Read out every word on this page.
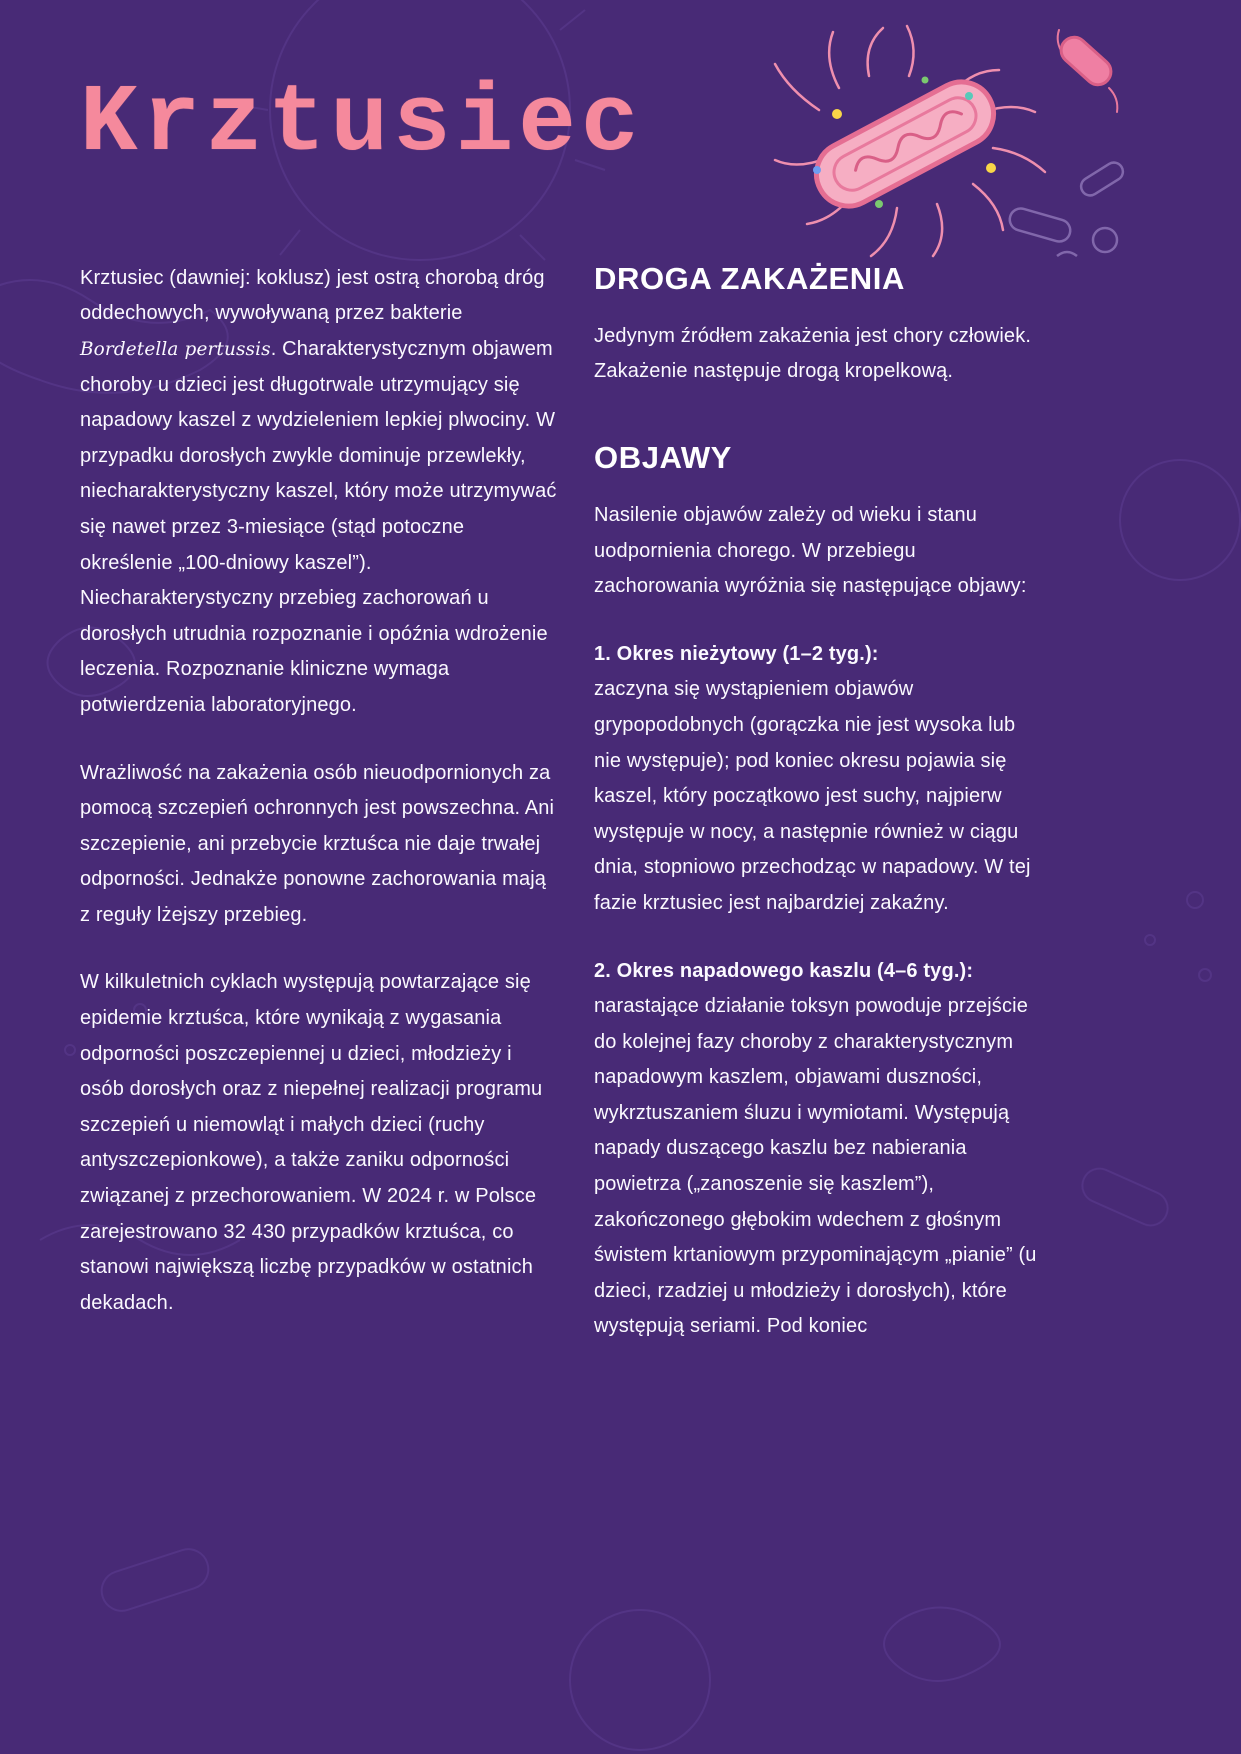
Krztusiec

Krztusiec (dawniej: koklusz) jest ostrą chorobą dróg oddechowych, wywoływaną przez bakterie Bordetella pertussis. Charakterystycznym objawem choroby u dzieci jest długotrwale utrzymujący się napadowy kaszel z wydzieleniem lepkiej plwociny. W przypadku dorosłych zwykle dominuje przewlekły, niecharakterystyczny kaszel, który może utrzymywać się nawet przez 3-miesiące (stąd potoczne określenie „100-dniowy kaszel”). Niecharakterystyczny przebieg zachorowań u dorosłych utrudnia rozpoznanie i opóźnia wdrożenie leczenia. Rozpoznanie kliniczne wymaga potwierdzenia laboratoryjnego.

Wrażliwość na zakażenia osób nieuodpornionych za pomocą szczepień ochronnych jest powszechna. Ani szczepienie, ani przebycie krztuśca nie daje trwałej odporności. Jednakże ponowne zachorowania mają z reguły lżejszy przebieg.

W kilkuletnich cyklach występują powtarzające się epidemie krztuśca, które wynikają z wygasania odporności poszczepiennej u dzieci, młodzieży i osób dorosłych oraz z niepełnej realizacji programu szczepień u niemowląt i małych dzieci (ruchy antyszczepionkowe), a także zaniku odporności związanej z przechorowaniem. W 2024 r. w Polsce zarejestrowano 32 430 przypadków krztuśca, co stanowi największą liczbę przypadków w ostatnich dekadach.

DROGA ZAKAŻENIA

Jedynym źródłem zakażenia jest chory człowiek. Zakażenie następuje drogą kropelkową.

OBJAWY

Nasilenie objawów zależy od wieku i stanu uodpornienia chorego. W przebiegu zachorowania wyróżnia się następujące objawy:

1. Okres nieżytowy (1–2 tyg.):
zaczyna się wystąpieniem objawów grypopodobnych (gorączka nie jest wysoka lub nie występuje); pod koniec okresu pojawia się kaszel, który początkowo jest suchy, najpierw występuje w nocy, a następnie również w ciągu dnia, stopniowo przechodząc w napadowy. W tej fazie krztusiec jest najbardziej zakaźny.

2. Okres napadowego kaszlu (4–6 tyg.):
narastające działanie toksyn powoduje przejście do kolejnej fazy choroby z charakterystycznym napadowym kaszlem, objawami duszności, wykrztuszaniem śluzu i wymiotami. Występują napady duszącego kaszlu bez nabierania powietrza („zanoszenie się kaszlem”), zakończonego głębokim wdechem z głośnym świstem krtaniowym przypominającym „pianie” (u dzieci, rzadziej u młodzieży i dorosłych), które występują seriami. Pod koniec
